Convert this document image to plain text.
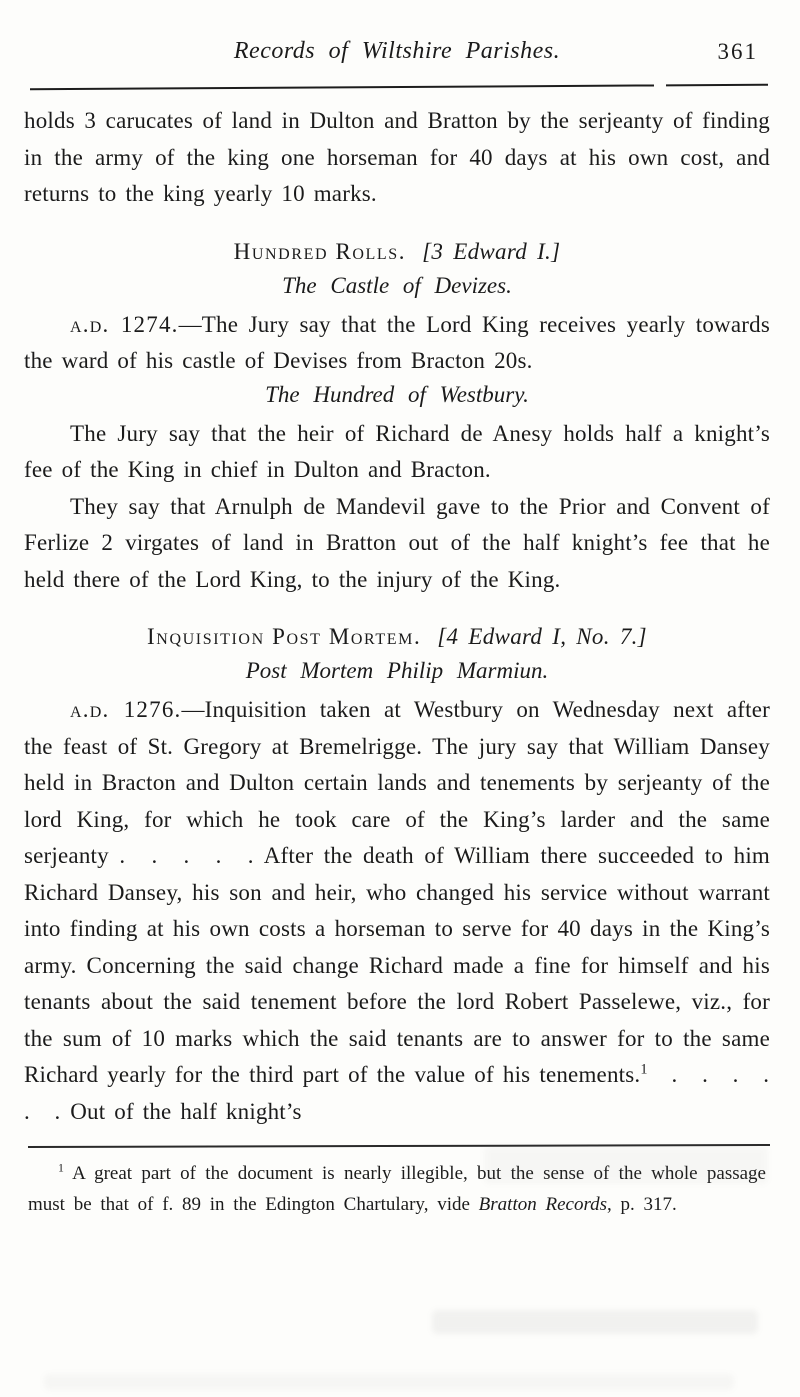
Records of Wiltshire Parishes.	361

holds 3 carucates of land in Dulton and Bratton by the serjeanty of finding in the army of the king one horseman for 40 days at his own cost, and returns to the king yearly 10 marks.

Hundred Rolls. [3 Edward I.]
The Castle of Devizes.

a.d. 1274.—The Jury say that the Lord King receives yearly towards the ward of his castle of Devises from Bracton 20s.

The Hundred of Westbury.

The Jury say that the heir of Richard de Anesy holds half a knight’s fee of the King in chief in Dulton and Bracton.

They say that Arnulph de Mandevil gave to the Prior and Convent of Ferlize 2 virgates of land in Bratton out of the half knight’s fee that he held there of the Lord King, to the injury of the King.

Inquisition Post Mortem. [4 Edward I, No. 7.]
Post Mortem Philip Marmiun.

a.d. 1276.—Inquisition taken at Westbury on Wednesday next after the feast of St. Gregory at Bremelrigge. The jury say that William Dansey held in Bracton and Dulton certain lands and tenements by serjeanty of the lord King, for which he took care of the King’s larder and the same serjeanty . . . . . After the death of William there succeeded to him Richard Dansey, his son and heir, who changed his service without warrant into finding at his own costs a horseman to serve for 40 days in the King’s army. Concerning the said change Richard made a fine for himself and his tenants about the said tenement before the lord Robert Passelewe, viz., for the sum of 10 marks which the said tenants are to answer for to the same Richard yearly for the third part of the value of his tenements.$^1$ . . . . . . Out of the half knight’s

$^1$ A great part of the document is nearly illegible, but the sense of the whole passage must be that of f. 89 in the Edington Chartulary, vide Bratton Records, p. 317.
